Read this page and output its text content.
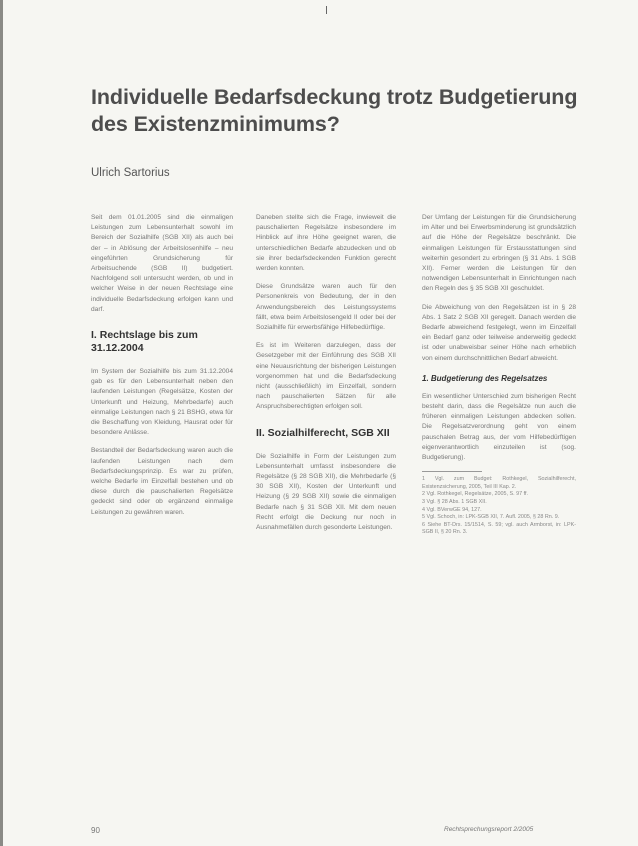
Individuelle Bedarfsdeckung trotz Budgetierung des Existenzminimums?

Ulrich Sartorius

Seit dem 01.01.2005 sind die einmaligen Leistungen zum Lebensunterhalt sowohl im Bereich der Sozialhilfe (SGB XII) als auch bei der – in Ablösung der Arbeitslosenhilfe – neu eingeführten Grundsicherung für Arbeitsuchende (SGB II) budgetiert. Nachfolgend soll untersucht werden, ob und in welcher Weise in der neuen Rechtslage eine individuelle Bedarfsdeckung erfolgen kann und darf.

I. Rechtslage bis zum 31.12.2004

Im System der Sozialhilfe bis zum 31.12.2004 gab es für den Lebensunterhalt neben den laufenden Leistungen (Regelsätze, Kosten der Unterkunft und Heizung, Mehrbedarfe) auch einmalige Leistungen nach § 21 BSHG, etwa für die Beschaffung von Kleidung, Hausrat oder für besondere Anlässe.

Bestandteil der Bedarfsdeckung waren auch die laufenden Leistungen nach dem Bedarfsdeckungsprinzip. Es war zu prüfen, welche Bedarfe im Einzelfall bestehen und ob diese durch die pauschalierten Regelsätze gedeckt sind oder ob ergänzend einmalige Leistungen zu gewähren waren.

Daneben stellte sich die Frage, inwieweit die pauschalierten Regelsätze insbesondere im Hinblick auf ihre Höhe geeignet waren, die unterschiedlichen Bedarfe abzudecken und ob sie ihrer bedarfsdeckenden Funktion gerecht werden konnten.

Diese Grundsätze waren auch für den Personenkreis von Bedeutung, der in den Anwendungsbereich des Leistungssystems fällt, etwa beim Arbeitslosengeld II oder bei der Sozialhilfe für erwerbsfähige Hilfebedürftige.

Es ist im Weiteren darzulegen, dass der Gesetzgeber mit der Einführung des SGB XII eine Neuausrichtung der bisherigen Leistungen vorgenommen hat und die Bedarfsdeckung nicht (ausschließlich) im Einzelfall, sondern nach pauschalierten Sätzen für alle Anspruchsberechtigten erfolgen soll.

II. Sozialhilferecht, SGB XII

Die Sozialhilfe in Form der Leistungen zum Lebensunterhalt umfasst insbesondere die Regelsätze (§ 28 SGB XII), die Mehrbedarfe (§ 30 SGB XII), Kosten der Unterkunft und Heizung (§ 29 SGB XII) sowie die einmaligen Bedarfe nach § 31 SGB XII. Mit dem neuen Recht erfolgt die Deckung nur noch in Ausnahmefällen durch gesonderte Leistungen.

Der Umfang der Leistungen für die Grundsicherung im Alter und bei Erwerbsminderung ist grundsätzlich auf die Höhe der Regelsätze beschränkt. Die einmaligen Leistungen für Erstausstattungen sind weiterhin gesondert zu erbringen (§ 31 Abs. 1 SGB XII). Ferner werden die Leistungen für den notwendigen Lebensunterhalt in Einrichtungen nach den Regeln des § 35 SGB XII geschuldet.

Die Abweichung von den Regelsätzen ist in § 28 Abs. 1 Satz 2 SGB XII geregelt. Danach werden die Bedarfe abweichend festgelegt, wenn im Einzelfall ein Bedarf ganz oder teilweise anderweitig gedeckt ist oder unabweisbar seiner Höhe nach erheblich von einem durchschnittlichen Bedarf abweicht.

1. Budgetierung des Regelsatzes

Ein wesentlicher Unterschied zum bisherigen Recht besteht darin, dass die Regelsätze nun auch die früheren einmaligen Leistungen abdecken sollen. Die Regelsatzverordnung geht von einem pauschalen Betrag aus, der vom Hilfebedürftigen eigenverantwortlich einzuteilen ist (sog. Budgetierung).

1 Vgl. zum Budget: Rothkegel, Sozialhilferecht, Existenzsicherung, 2005, Teil III Kap. 2.
2 Vgl. Rothkegel, Regelsätze, 2005, S. 97 ff.
3 Vgl. § 28 Abs. 1 SGB XII.
4 Vgl. BVerwGE 94, 127.
5 Vgl. Schoch, in: LPK-SGB XII, 7. Aufl. 2005, § 28 Rn. 9.
6 Siehe BT-Drs. 15/1514, S. 59; vgl. auch Armborst, in: LPK-SGB II, § 20 Rn. 3.
90	Rechtsprechungsreport 2/2005
